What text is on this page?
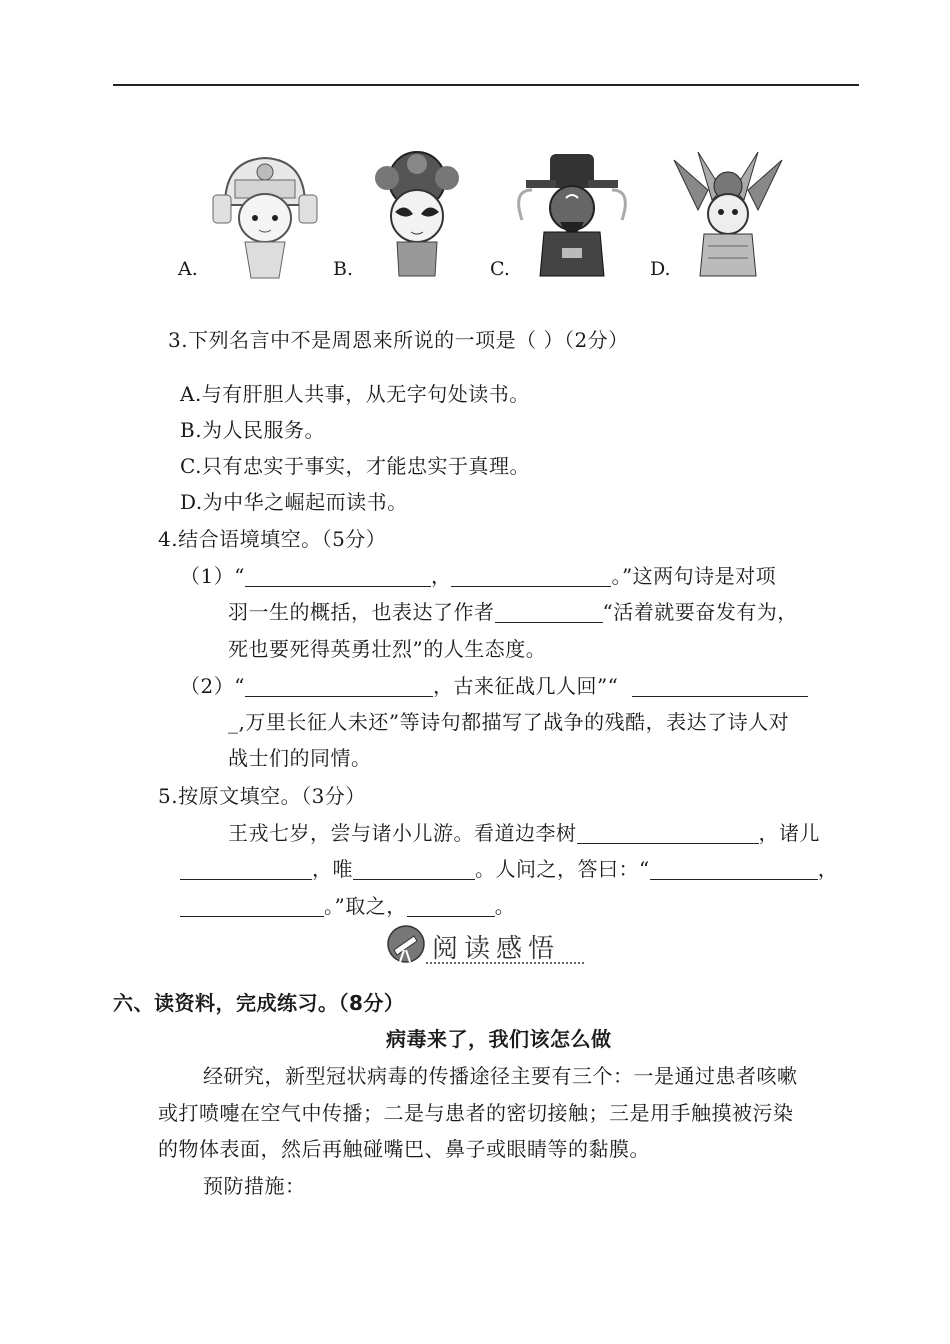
A.	B.	C.	D.
3.下列名言中不是周恩来所说的一项是（ ）（2分）
A.与有肝胆人共事，从无字句处读书。
B.为人民服务。
C.只有忠实于事实，才能忠实于真理。
D.为中华之崛起而读书。
4.结合语境填空。（5分）
（1）“	，	。”这两句诗是对项
羽一生的概括，也表达了作者	“活着就要奋发有为，
死也要死得英勇壮烈”的人生态度。
（2）“	，古来征战几人回”“
_,万里长征人未还”等诗句都描写了战争的残酷，表达了诗人对
战士们的同情。
5.按原文填空。（3分）
王戎七岁，尝与诸小儿游。看道边李树	，诸儿
，唯	。人问之，答曰：“	，
。”取之，	。
阅读感悟
六、读资料，完成练习。（8分）
病毒来了，我们该怎么做
经研究，新型冠状病毒的传播途径主要有三个：一是通过患者咳嗽
或打喷嚏在空气中传播；二是与患者的密切接触；三是用手触摸被污染
的物体表面，然后再触碰嘴巴、鼻子或眼睛等的黏膜。
预防措施：
